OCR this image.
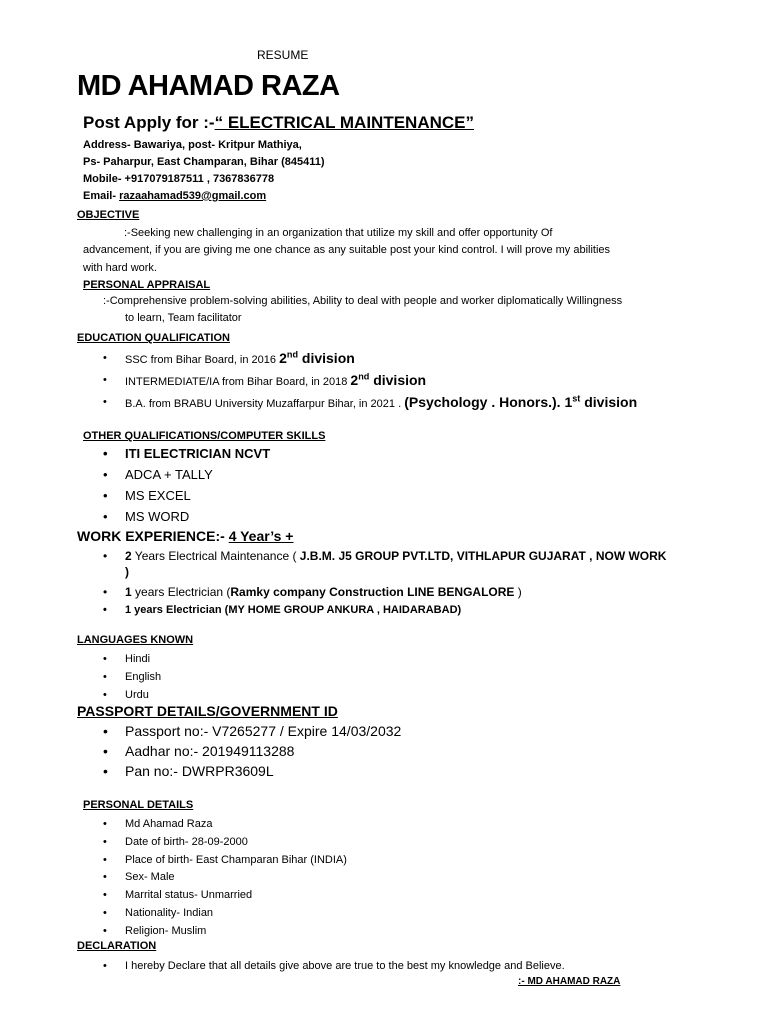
RESUME
MD AHAMAD RAZA
Post Apply for :-“ ELECTRICAL MAINTENANCE”
Address- Bawariya, post- Kritpur Mathiya,
Ps- Paharpur, East Champaran, Bihar (845411)
Mobile- +917079187511 , 7367836778
Email- razaahamad539@gmail.com
OBJECTIVE
:-Seeking new challenging in an organization that utilize my skill and offer opportunity Of
advancement, if you are giving me one chance as any suitable post your kind control. I will prove my abilities
with hard work.
PERSONAL APPRAISAL
:-Comprehensive problem-solving abilities, Ability to deal with people and worker diplomatically Willingness
to learn, Team facilitator
EDUCATION QUALIFICATION
• SSC from Bihar Board, in 2016 2nd division
• INTERMEDIATE/IA from Bihar Board, in 2018 2nd division
• B.A. from BRABU University Muzaffarpur Bihar, in 2021 . (Psychology . Honors.). 1st division
OTHER QUALIFICATIONS/COMPUTER SKILLS
• ITI ELECTRICIAN NCVT
• ADCA + TALLY
• MS EXCEL
• MS WORD
WORK EXPERIENCE:- 4 Year’s +
• 2 Years Electrical Maintenance ( J.B.M. J5 GROUP PVT.LTD, VITHLAPUR GUJARAT , NOW WORK
)
• 1 years Electrician (Ramky company Construction LINE BENGALORE )
• 1 years Electrician (MY HOME GROUP ANKURA , HAIDARABAD)
LANGUAGES KNOWN
• Hindi
• English
• Urdu
PASSPORT DETAILS/GOVERNMENT ID
• Passport no:- V7265277 / Expire 14/03/2032
• Aadhar no:- 201949113288
• Pan no:- DWRPR3609L
PERSONAL DETAILS
• Md Ahamad Raza
• Date of birth- 28-09-2000
• Place of birth- East Champaran Bihar (INDIA)
• Sex- Male
• Marrital status- Unmarried
• Nationality- Indian
• Religion- Muslim
DECLARATION
• I hereby Declare that all details give above are true to the best my knowledge and Believe.
:- MD AHAMAD RAZA
